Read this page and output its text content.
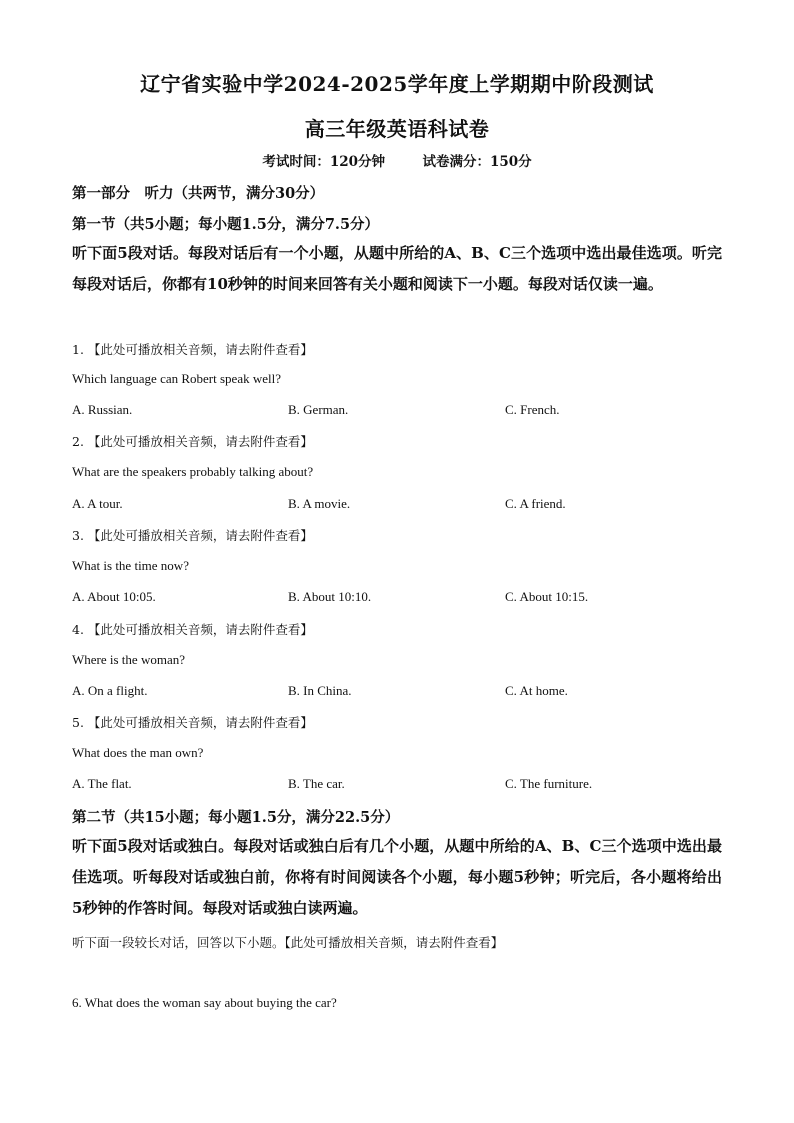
辽宁省实验中学2024-2025学年度上学期期中阶段测试
高三年级英语科试卷
考试时间：120分钟	试卷满分：150分
第一部分　听力（共两节，满分30分）
第一节（共5小题；每小题1.5分，满分7.5分）
听下面5段对话。每段对话后有一个小题，从题中所给的A、B、C三个选项中选出最佳选项。听完每段对话后，你都有10秒钟的时间来回答有关小题和阅读下一小题。每段对话仅读一遍。
1. 【此处可播放相关音频，请去附件查看】
Which language can Robert speak well?
A. Russian.	B. German.	C. French.
2. 【此处可播放相关音频，请去附件查看】
What are the speakers probably talking about?
A. A tour.	B. A movie.	C. A friend.
3. 【此处可播放相关音频，请去附件查看】
What is the time now?
A. About 10:05.	B. About 10:10.	C. About 10:15.
4. 【此处可播放相关音频，请去附件查看】
Where is the woman?
A. On a flight.	B. In China.	C. At home.
5. 【此处可播放相关音频，请去附件查看】
What does the man own?
A. The flat.	B. The car.	C. The furniture.
第二节（共15小题；每小题1.5分，满分22.5分）
听下面5段对话或独白。每段对话或独白后有几个小题，从题中所给的A、B、C三个选项中选出最佳选项。听每段对话或独白前，你将有时间阅读各个小题，每小题5秒钟；听完后，各小题将给出5秒钟的作答时间。每段对话或独白读两遍。
听下面一段较长对话，回答以下小题。【此处可播放相关音频，请去附件查看】
6. What does the woman say about buying the car?
